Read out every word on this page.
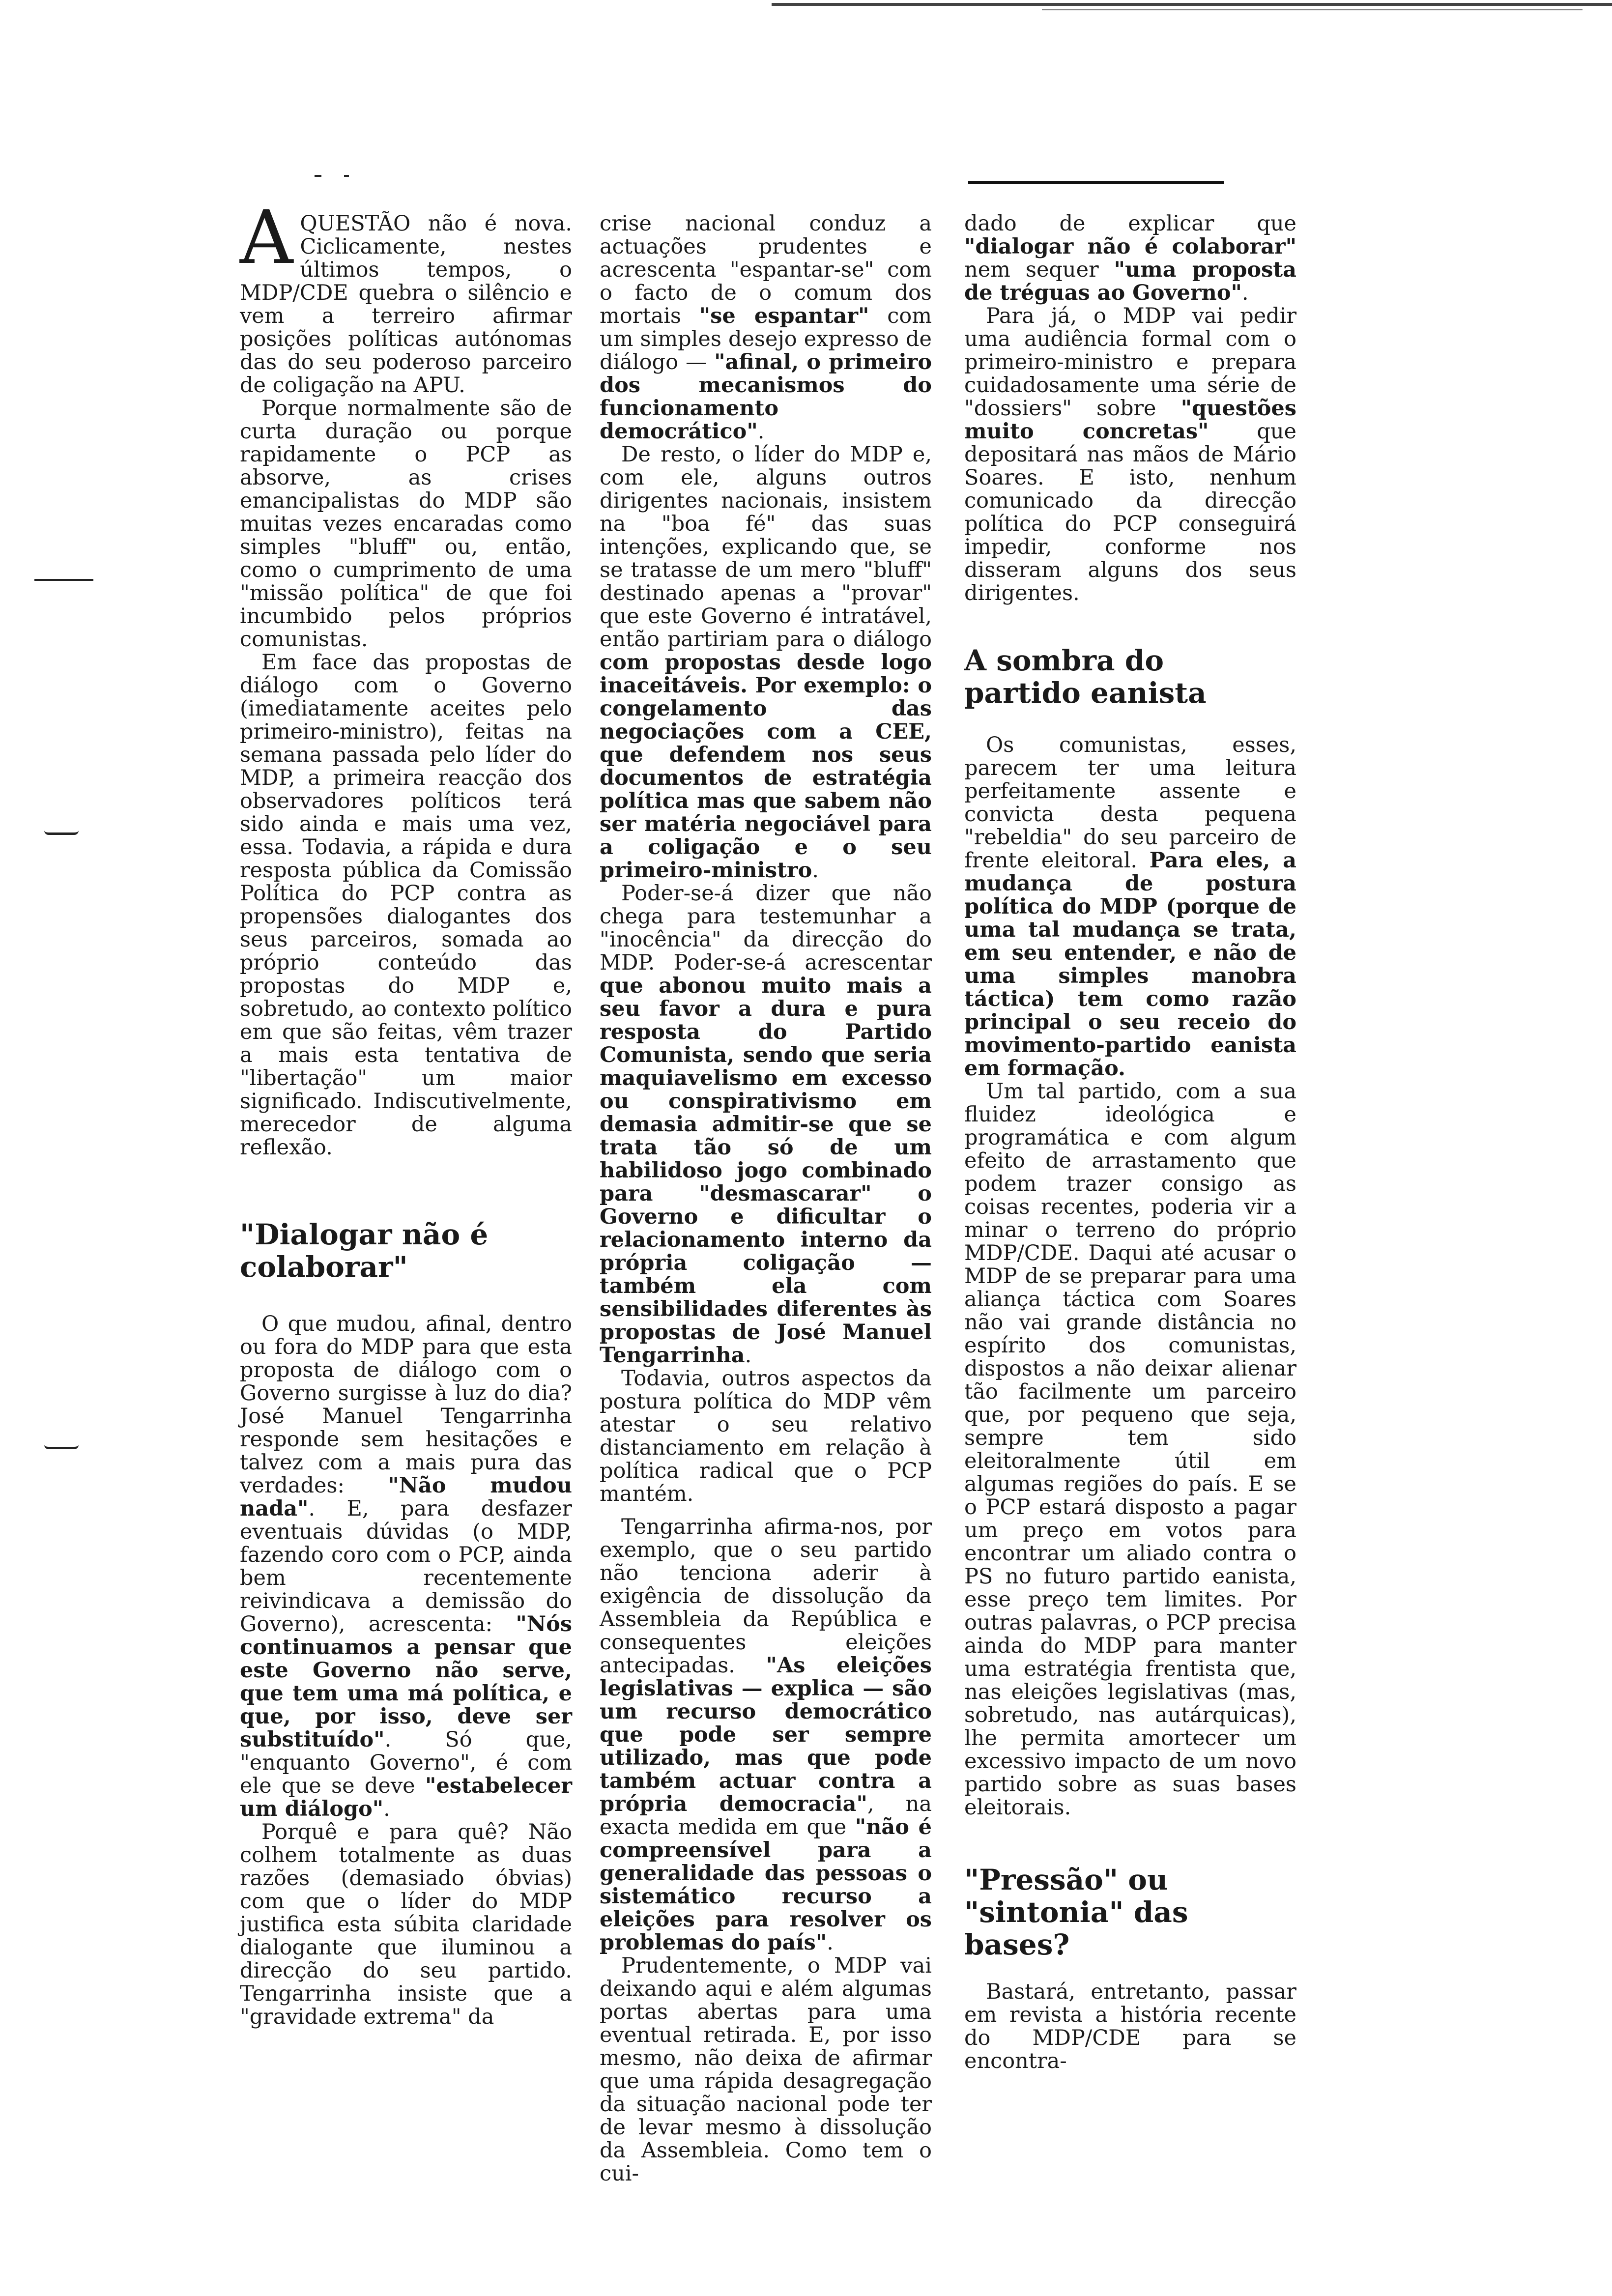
AQUESTÃO não é nova. Ciclicamente, nestes últimos tempos, o MDP/CDE quebra o silêncio e vem a terreiro afirmar posições políticas autónomas das do seu poderoso parceiro de coligação na APU.

Porque normalmente são de curta duração ou porque rapidamente o PCP as absorve, as crises emancipalistas do MDP são muitas vezes encaradas como simples "bluff" ou, então, como o cumprimento de uma "missão política" de que foi incumbido pelos próprios comunistas.

Em face das propostas de diálogo com o Governo (imediatamente aceites pelo primeiro-ministro), feitas na semana passada pelo líder do MDP, a primeira reacção dos observadores políticos terá sido ainda e mais uma vez, essa. Todavia, a rápida e dura resposta pública da Comissão Política do PCP contra as propensões dialogantes dos seus parceiros, somada ao próprio conteúdo das propostas do MDP e, sobretudo, ao contexto político em que são feitas, vêm trazer a mais esta tentativa de "libertação" um maior significado. Indiscutivelmente, merecedor de alguma reflexão.

"Dialogar não é colaborar"

O que mudou, afinal, dentro ou fora do MDP para que esta proposta de diálogo com o Governo surgisse à luz do dia? José Manuel Tengarrinha responde sem hesitações e talvez com a mais pura das verdades: "Não mudou nada". E, para desfazer eventuais dúvidas (o MDP, fazendo coro com o PCP, ainda bem recentemente reivindicava a demissão do Governo), acrescenta: "Nós continuamos a pensar que este Governo não serve, que tem uma má política, e que, por isso, deve ser substituído". Só que, "enquanto Governo", é com ele que se deve "estabelecer um diálogo".

Porquê e para quê? Não colhem totalmente as duas razões (demasiado óbvias) com que o líder do MDP justifica esta súbita claridade dialogante que iluminou a direcção do seu partido. Tengarrinha insiste que a "gravidade extrema" da

crise nacional conduz a actuações prudentes e acrescenta "espantar-se" com o facto de o comum dos mortais "se espantar" com um simples desejo expresso de diálogo — "afinal, o primeiro dos mecanismos do funcionamento democrático".

De resto, o líder do MDP e, com ele, alguns outros dirigentes nacionais, insistem na "boa fé" das suas intenções, explicando que, se se tratasse de um mero "bluff" destinado apenas a "provar" que este Governo é intratável, então partiriam para o diálogo com propostas desde logo inaceitáveis. Por exemplo: o congelamento das negociações com a CEE, que defendem nos seus documentos de estratégia política mas que sabem não ser matéria negociável para a coligação e o seu primeiro-ministro.

Poder-se-á dizer que não chega para testemunhar a "inocência" da direcção do MDP. Poder-se-á acrescentar que abonou muito mais a seu favor a dura e pura resposta do Partido Comunista, sendo que seria maquiavelismo em excesso ou conspirativismo em demasia admitir-se que se trata tão só de um habilidoso jogo combinado para "desmascarar" o Governo e dificultar o relacionamento interno da própria coligação — também ela com sensibilidades diferentes às propostas de José Manuel Tengarrinha.

Todavia, outros aspectos da postura política do MDP vêm atestar o seu relativo distanciamento em relação à política radical que o PCP mantém.

Tengarrinha afirma-nos, por exemplo, que o seu partido não tenciona aderir à exigência de dissolução da Assembleia da República e consequentes eleições antecipadas. "As eleições legislativas — explica — são um recurso democrático que pode ser sempre utilizado, mas que pode também actuar contra a própria democracia", na exacta medida em que "não é compreensível para a generalidade das pessoas o sistemático recurso a eleições para resolver os problemas do país".

Prudentemente, o MDP vai deixando aqui e além algumas portas abertas para uma eventual retirada. E, por isso mesmo, não deixa de afirmar que uma rápida desagregação da situação nacional pode ter de levar mesmo à dissolução da Assembleia. Como tem o cui-

dado de explicar que "dialogar não é colaborar" nem sequer "uma proposta de tréguas ao Governo".

Para já, o MDP vai pedir uma audiência formal com o primeiro-ministro e prepara cuidadosamente uma série de "dossiers" sobre "questões muito concretas" que depositará nas mãos de Mário Soares. E isto, nenhum comunicado da direcção política do PCP conseguirá impedir, conforme nos disseram alguns dos seus dirigentes.

A sombra do partido eanista

Os comunistas, esses, parecem ter uma leitura perfeitamente assente e convicta desta pequena "rebeldia" do seu parceiro de frente eleitoral. Para eles, a mudança de postura política do MDP (porque de uma tal mudança se trata, em seu entender, e não de uma simples manobra táctica) tem como razão principal o seu receio do movimento-partido eanista em formação.

Um tal partido, com a sua fluidez ideológica e programática e com algum efeito de arrastamento que podem trazer consigo as coisas recentes, poderia vir a minar o terreno do próprio MDP/CDE. Daqui até acusar o MDP de se preparar para uma aliança táctica com Soares não vai grande distância no espírito dos comunistas, dispostos a não deixar alienar tão facilmente um parceiro que, por pequeno que seja, sempre tem sido eleitoralmente útil em algumas regiões do país. E se o PCP estará disposto a pagar um preço em votos para encontrar um aliado contra o PS no futuro partido eanista, esse preço tem limites. Por outras palavras, o PCP precisa ainda do MDP para manter uma estratégia frentista que, nas eleições legislativas (mas, sobretudo, nas autárquicas), lhe permita amortecer um excessivo impacto de um novo partido sobre as suas bases eleitorais.

"Pressão" ou "sintonia" das bases?

Bastará, entretanto, passar em revista a história recente do MDP/CDE para se encontra-
